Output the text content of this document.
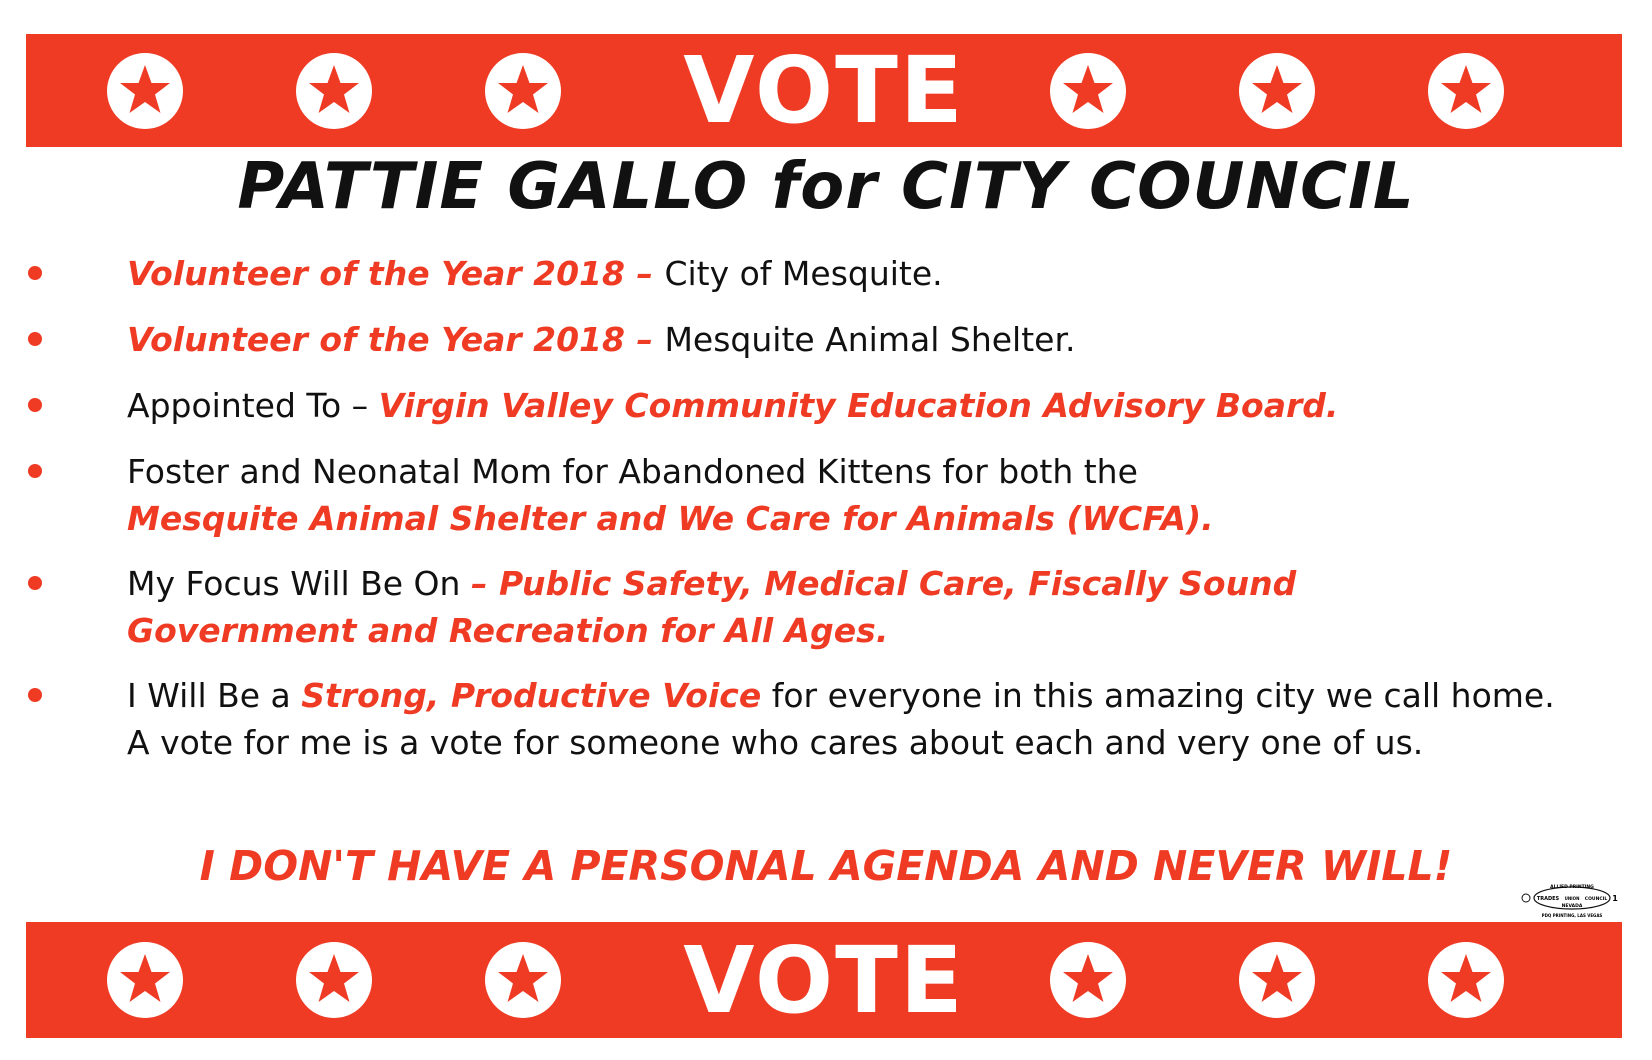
VOTE
PATTIE GALLO for CITY COUNCIL
Volunteer of the Year 2018 – City of Mesquite.
Volunteer of the Year 2018 – Mesquite Animal Shelter.
Appointed To – Virgin Valley Community Education Advisory Board.
Foster and Neonatal Mom for Abandoned Kittens for both the Mesquite Animal Shelter and We Care for Animals (WCFA).
My Focus Will Be On – Public Safety, Medical Care, Fiscally Sound Government and Recreation for All Ages.
I Will Be a Strong, Productive Voice for everyone in this amazing city we call home. A vote for me is a vote for someone who cares about each and very one of us.
I DON'T HAVE A PERSONAL AGENDA AND NEVER WILL!	ALLIED PRINTING
TRADES UNION COUNCIL
NEVADA
1
PDQ PRINTING, LAS VEGAS
VOTE
